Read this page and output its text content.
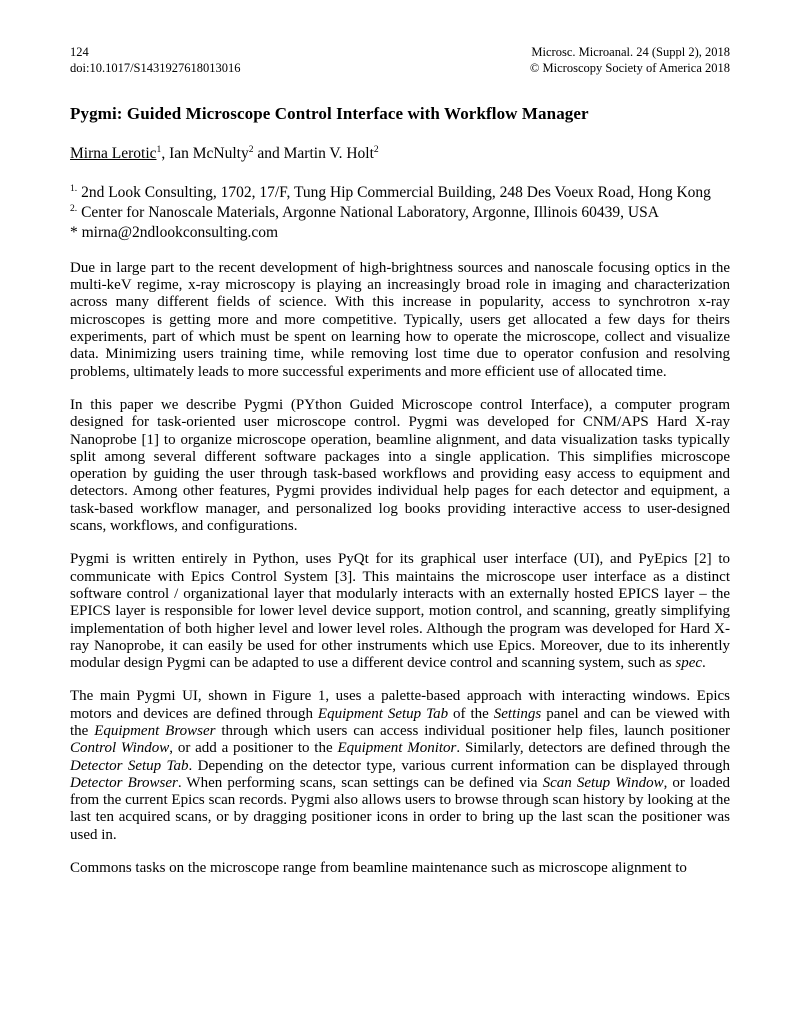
124
doi:10.1017/S1431927618013016
Microsc. Microanal. 24 (Suppl 2), 2018
© Microscopy Society of America 2018
Pygmi: Guided Microscope Control Interface with Workflow Manager

Mirna Lerotic$^1$, Ian McNulty$^2$ and Martin V. Holt$^2$

$^{1.}$ 2nd Look Consulting, 1702, 17/F, Tung Hip Commercial Building, 248 Des Voeux Road, Hong Kong

$^{2.}$ Center for Nanoscale Materials, Argonne National Laboratory, Argonne, Illinois 60439, USA

* mirna@2ndlookconsulting.com

Due in large part to the recent development of high-brightness sources and nanoscale focusing optics in the multi-keV regime, x-ray microscopy is playing an increasingly broad role in imaging and characterization across many different fields of science. With this increase in popularity, access to synchrotron x-ray microscopes is getting more and more competitive. Typically, users get allocated a few days for theirs experiments, part of which must be spent on learning how to operate the microscope, collect and visualize data. Minimizing users training time, while removing lost time due to operator confusion and resolving problems, ultimately leads to more successful experiments and more efficient use of allocated time.

In this paper we describe Pygmi (PYthon Guided Microscope control Interface), a computer program designed for task-oriented user microscope control. Pygmi was developed for CNM/APS Hard X-ray Nanoprobe [1] to organize microscope operation, beamline alignment, and data visualization tasks typically split among several different software packages into a single application. This simplifies microscope operation by guiding the user through task-based workflows and providing easy access to equipment and detectors. Among other features, Pygmi provides individual help pages for each detector and equipment, a task-based workflow manager, and personalized log books providing interactive access to user-designed scans, workflows, and configurations.

Pygmi is written entirely in Python, uses PyQt for its graphical user interface (UI), and PyEpics [2] to communicate with Epics Control System [3]. This maintains the microscope user interface as a distinct software control / organizational layer that modularly interacts with an externally hosted EPICS layer – the EPICS layer is responsible for lower level device support, motion control, and scanning, greatly simplifying implementation of both higher level and lower level roles. Although the program was developed for Hard X-ray Nanoprobe, it can easily be used for other instruments which use Epics. Moreover, due to its inherently modular design Pygmi can be adapted to use a different device control and scanning system, such as spec.

The main Pygmi UI, shown in Figure 1, uses a palette-based approach with interacting windows. Epics motors and devices are defined through Equipment Setup Tab of the Settings panel and can be viewed with the Equipment Browser through which users can access individual positioner help files, launch positioner Control Window, or add a positioner to the Equipment Monitor. Similarly, detectors are defined through the Detector Setup Tab. Depending on the detector type, various current information can be displayed through Detector Browser. When performing scans, scan settings can be defined via Scan Setup Window, or loaded from the current Epics scan records. Pygmi also allows users to browse through scan history by looking at the last ten acquired scans, or by dragging positioner icons in order to bring up the last scan the positioner was used in.

Commons tasks on the microscope range from beamline maintenance such as microscope alignment to
